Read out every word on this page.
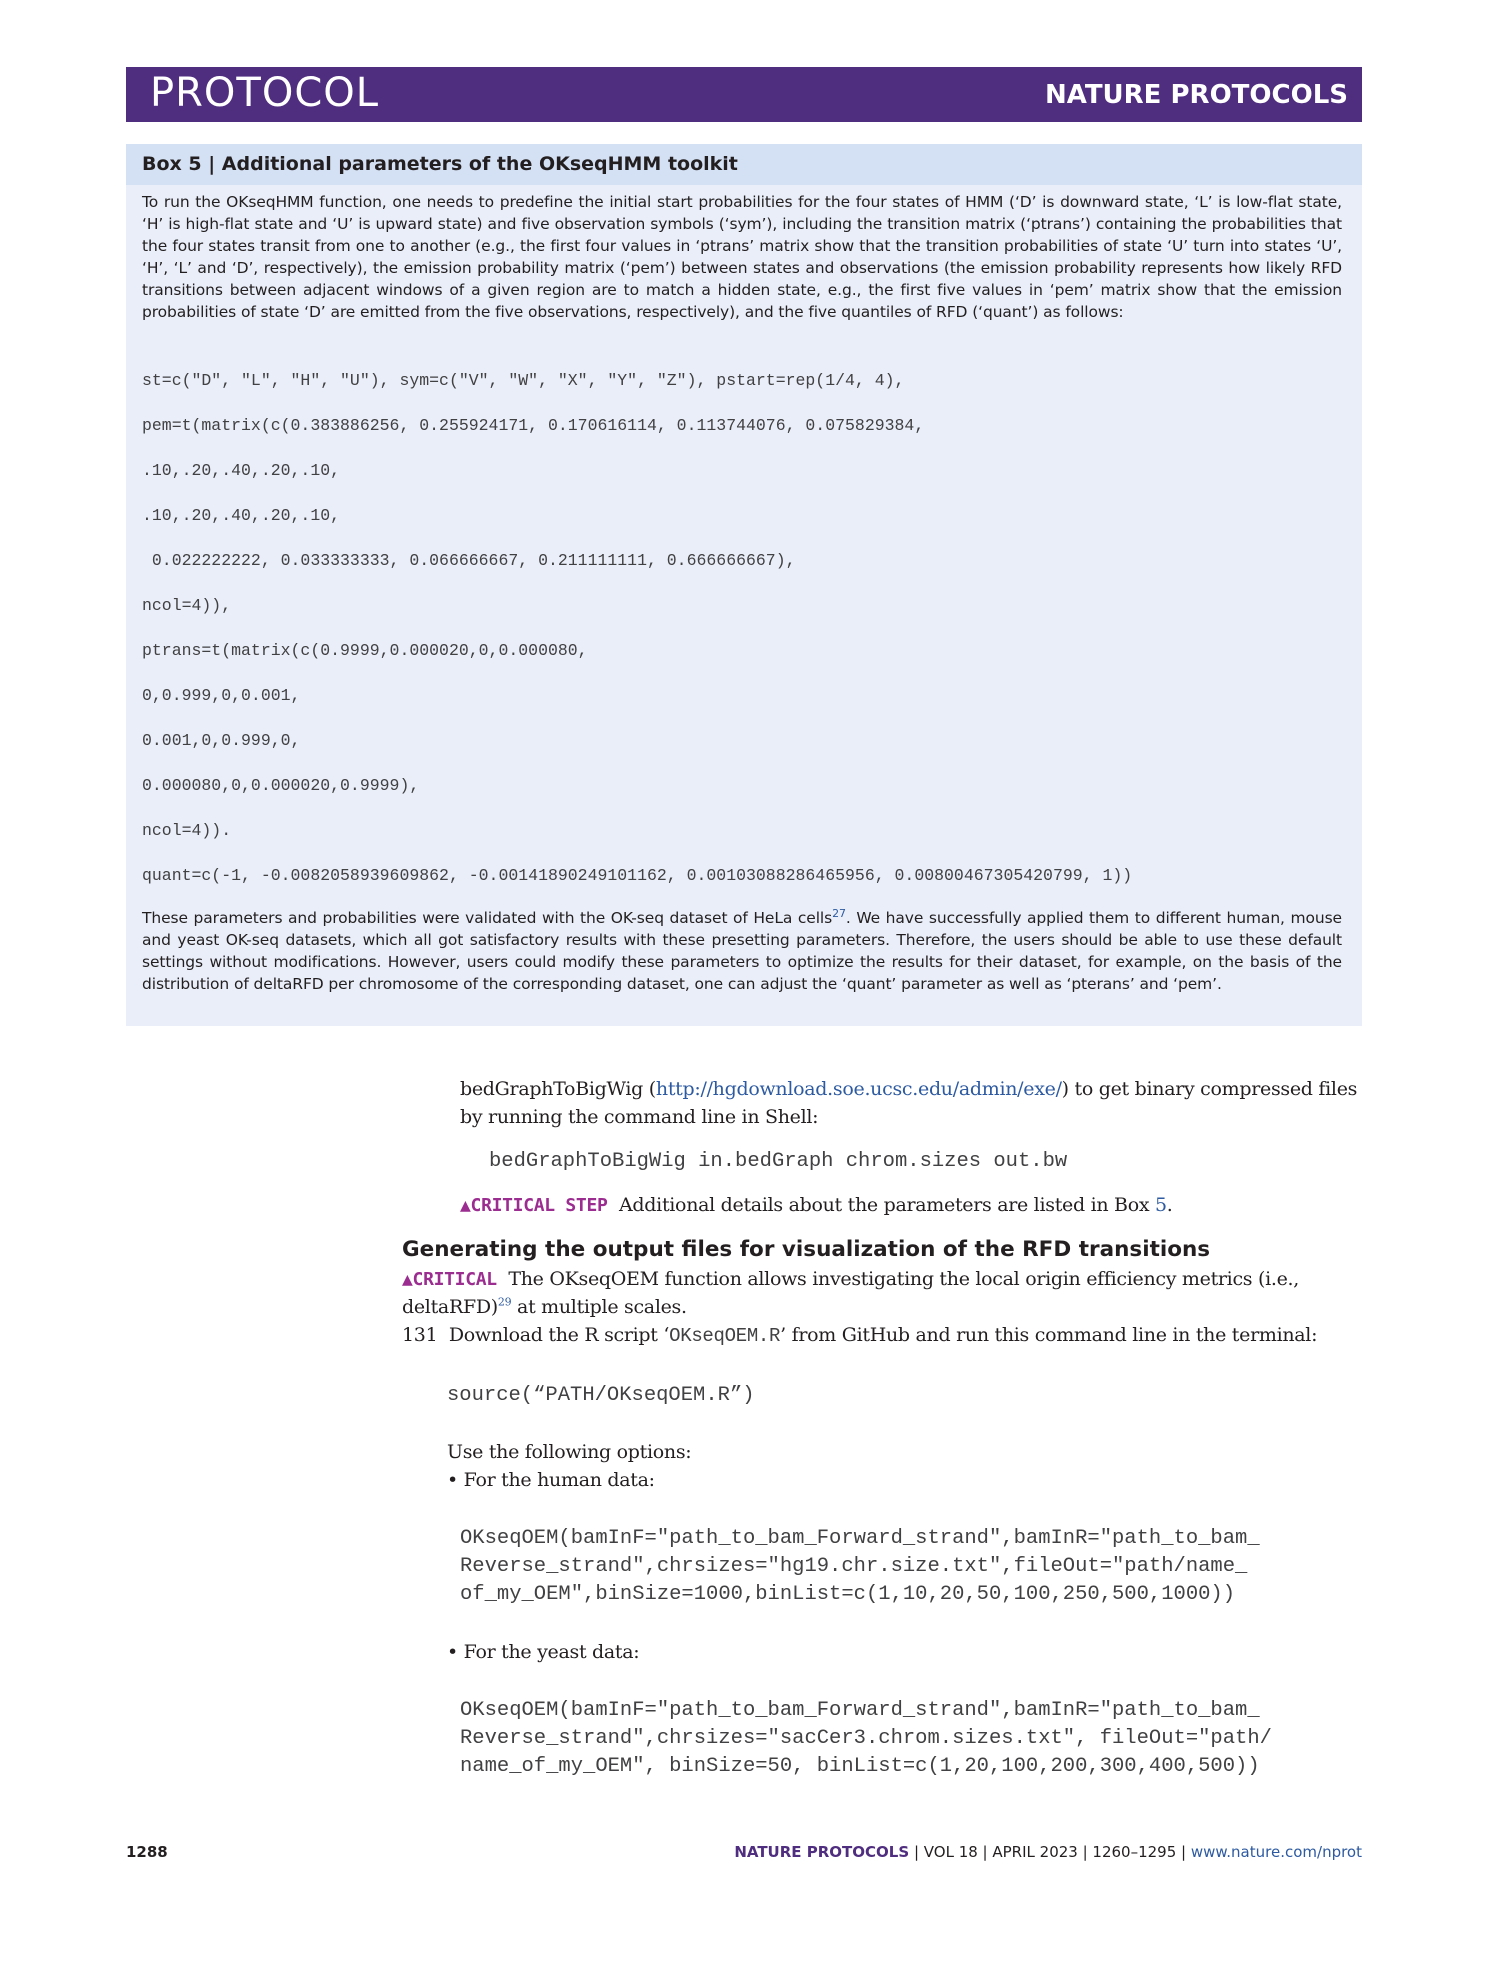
PROTOCOL	NATURE PROTOCOLS
Box 5 | Additional parameters of the OKseqHMM toolkit

To run the OKseqHMM function, one needs to predefine the initial start probabilities for the four states of HMM (‘D’ is downward state, ‘L’ is low-flat state, ‘H’ is high-flat state and ‘U’ is upward state) and five observation symbols (‘sym’), including the transition matrix (‘ptrans’) containing the probabilities that the four states transit from one to another (e.g., the first four values in ‘ptrans’ matrix show that the transition probabilities of state ‘U’ turn into states ‘U’, ‘H’, ‘L’ and ‘D’, respectively), the emission probability matrix (‘pem’) between states and observations (the emission probability represents how likely RFD transitions between adjacent windows of a given region are to match a hidden state, e.g., the first five values in ‘pem’ matrix show that the emission probabilities of state ‘D’ are emitted from the five observations, respectively), and the five quantiles of RFD (‘quant’) as follows:

st=c("D", "L", "H", "U"), sym=c("V", "W", "X", "Y", "Z"), pstart=rep(1/4, 4),
pem=t(matrix(c(0.383886256, 0.255924171, 0.170616114, 0.113744076, 0.075829384,
.10,.20,.40,.20,.10,
.10,.20,.40,.20,.10,
0.022222222, 0.033333333, 0.066666667, 0.211111111, 0.666666667),
ncol=4)),
ptrans=t(matrix(c(0.9999,0.000020,0,0.000080,
0,0.999,0,0.001,
0.001,0,0.999,0,
0.000080,0,0.000020,0.9999),
ncol=4)).
quant=c(-1, -0.0082058939609862, -0.00141890249101162, 0.00103088286465956, 0.00800467305420799, 1))

These parameters and probabilities were validated with the OK-seq dataset of HeLa cells$^{27}$. We have successfully applied them to different human, mouse and yeast OK-seq datasets, which all got satisfactory results with these presetting parameters. Therefore, the users should be able to use these default settings without modifications. However, users could modify these parameters to optimize the results for their dataset, for example, on the basis of the distribution of deltaRFD per chromosome of the corresponding dataset, one can adjust the ‘quant’ parameter as well as ‘pterans’ and ‘pem’.

bedGraphToBigWig (http://hgdownload.soe.ucsc.edu/admin/exe/) to get binary compressed files

by running the command line in Shell:

bedGraphToBigWig in.bedGraph chrom.sizes out.bw

▲CRITICAL STEP Additional details about the parameters are listed in Box 5.

Generating the output files for visualization of the RFD transitions

▲CRITICAL The OKseqOEM function allows investigating the local origin efficiency metrics (i.e.,

deltaRFD)$^{29}$ at multiple scales.

131 Download the R script ‘OKseqOEM.R’ from GitHub and run this command line in the terminal:

source(“PATH/OKseqOEM.R”)

Use the following options:

• For the human data:

OKseqOEM(bamInF="path_to_bam_Forward_strand",bamInR="path_to_bam_
Reverse_strand",chrsizes="hg19.chr.size.txt",fileOut="path/name_
of_my_OEM",binSize=1000,binList=c(1,10,20,50,100,250,500,1000))

• For the yeast data:

OKseqOEM(bamInF="path_to_bam_Forward_strand",bamInR="path_to_bam_
Reverse_strand",chrsizes="sacCer3.chrom.sizes.txt", fileOut="path/
name_of_my_OEM", binSize=50, binList=c(1,20,100,200,300,400,500))
1288	NATURE PROTOCOLS | VOL 18 | APRIL 2023 | 1260–1295 | www.nature.com/nprot
